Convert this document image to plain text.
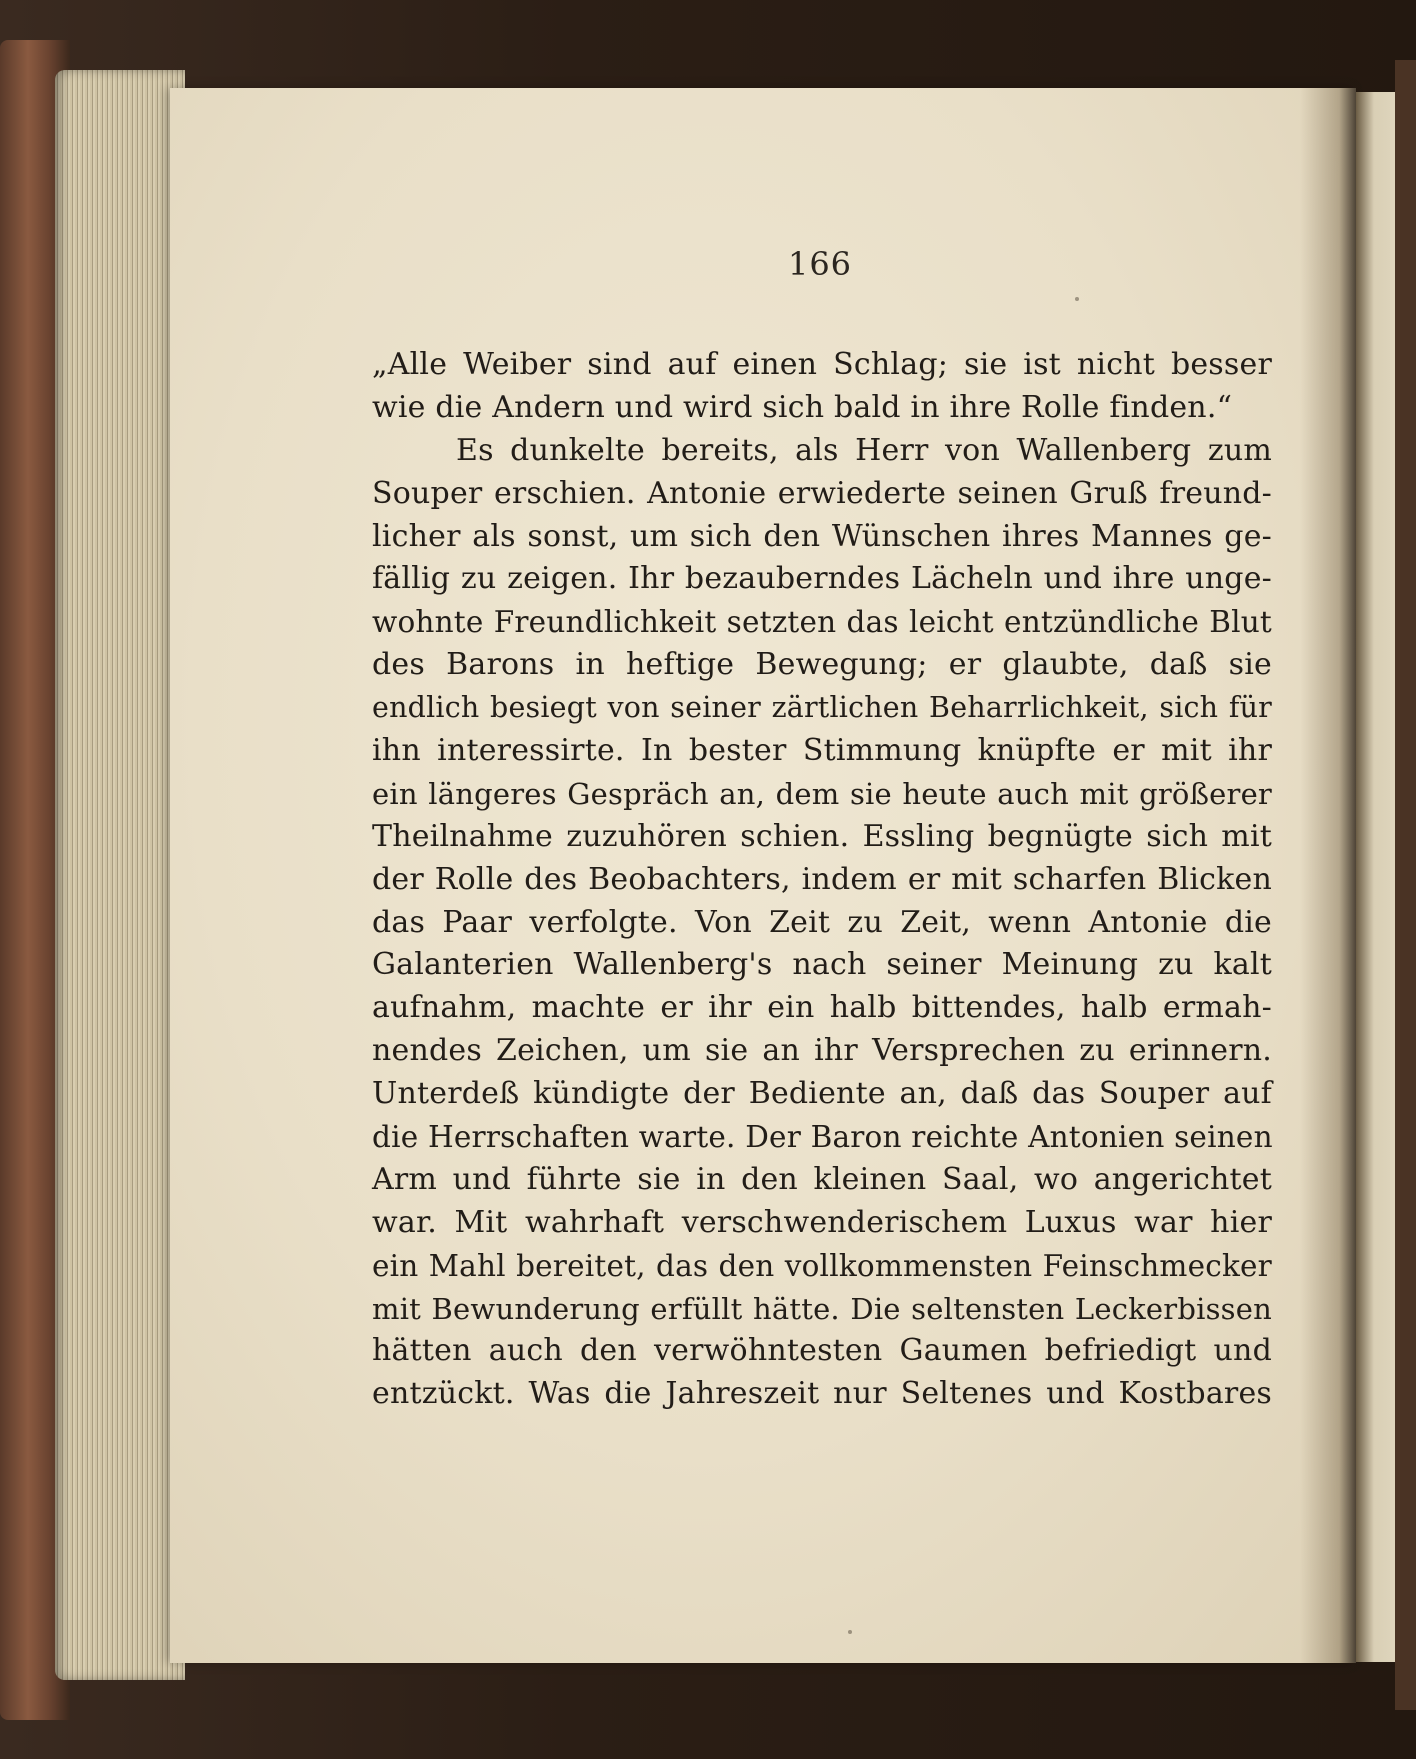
166
„Alle Weiber sind auf einen Schlag; sie ist nicht besser
wie die Andern und wird sich bald in ihre Rolle finden.“
Es dunkelte bereits, als Herr von Wallenberg zum
Souper erschien. Antonie erwiederte seinen Gruß freund-
licher als sonst, um sich den Wünschen ihres Mannes ge-
fällig zu zeigen. Ihr bezauberndes Lächeln und ihre unge-
wohnte Freundlichkeit setzten das leicht entzündliche Blut
des Barons in heftige Bewegung; er glaubte, daß sie
endlich besiegt von seiner zärtlichen Beharrlichkeit, sich für
ihn interessirte. In bester Stimmung knüpfte er mit ihr
ein längeres Gespräch an, dem sie heute auch mit größerer
Theilnahme zuzuhören schien. Essling begnügte sich mit
der Rolle des Beobachters, indem er mit scharfen Blicken
das Paar verfolgte. Von Zeit zu Zeit, wenn Antonie die
Galanterien Wallenberg's nach seiner Meinung zu kalt
aufnahm, machte er ihr ein halb bittendes, halb ermah-
nendes Zeichen, um sie an ihr Versprechen zu erinnern.
Unterdeß kündigte der Bediente an, daß das Souper auf
die Herrschaften warte. Der Baron reichte Antonien seinen
Arm und führte sie in den kleinen Saal, wo angerichtet
war. Mit wahrhaft verschwenderischem Luxus war hier
ein Mahl bereitet, das den vollkommensten Feinschmecker
mit Bewunderung erfüllt hätte. Die seltensten Leckerbissen
hätten auch den verwöhntesten Gaumen befriedigt und
entzückt. Was die Jahreszeit nur Seltenes und Kostbares
